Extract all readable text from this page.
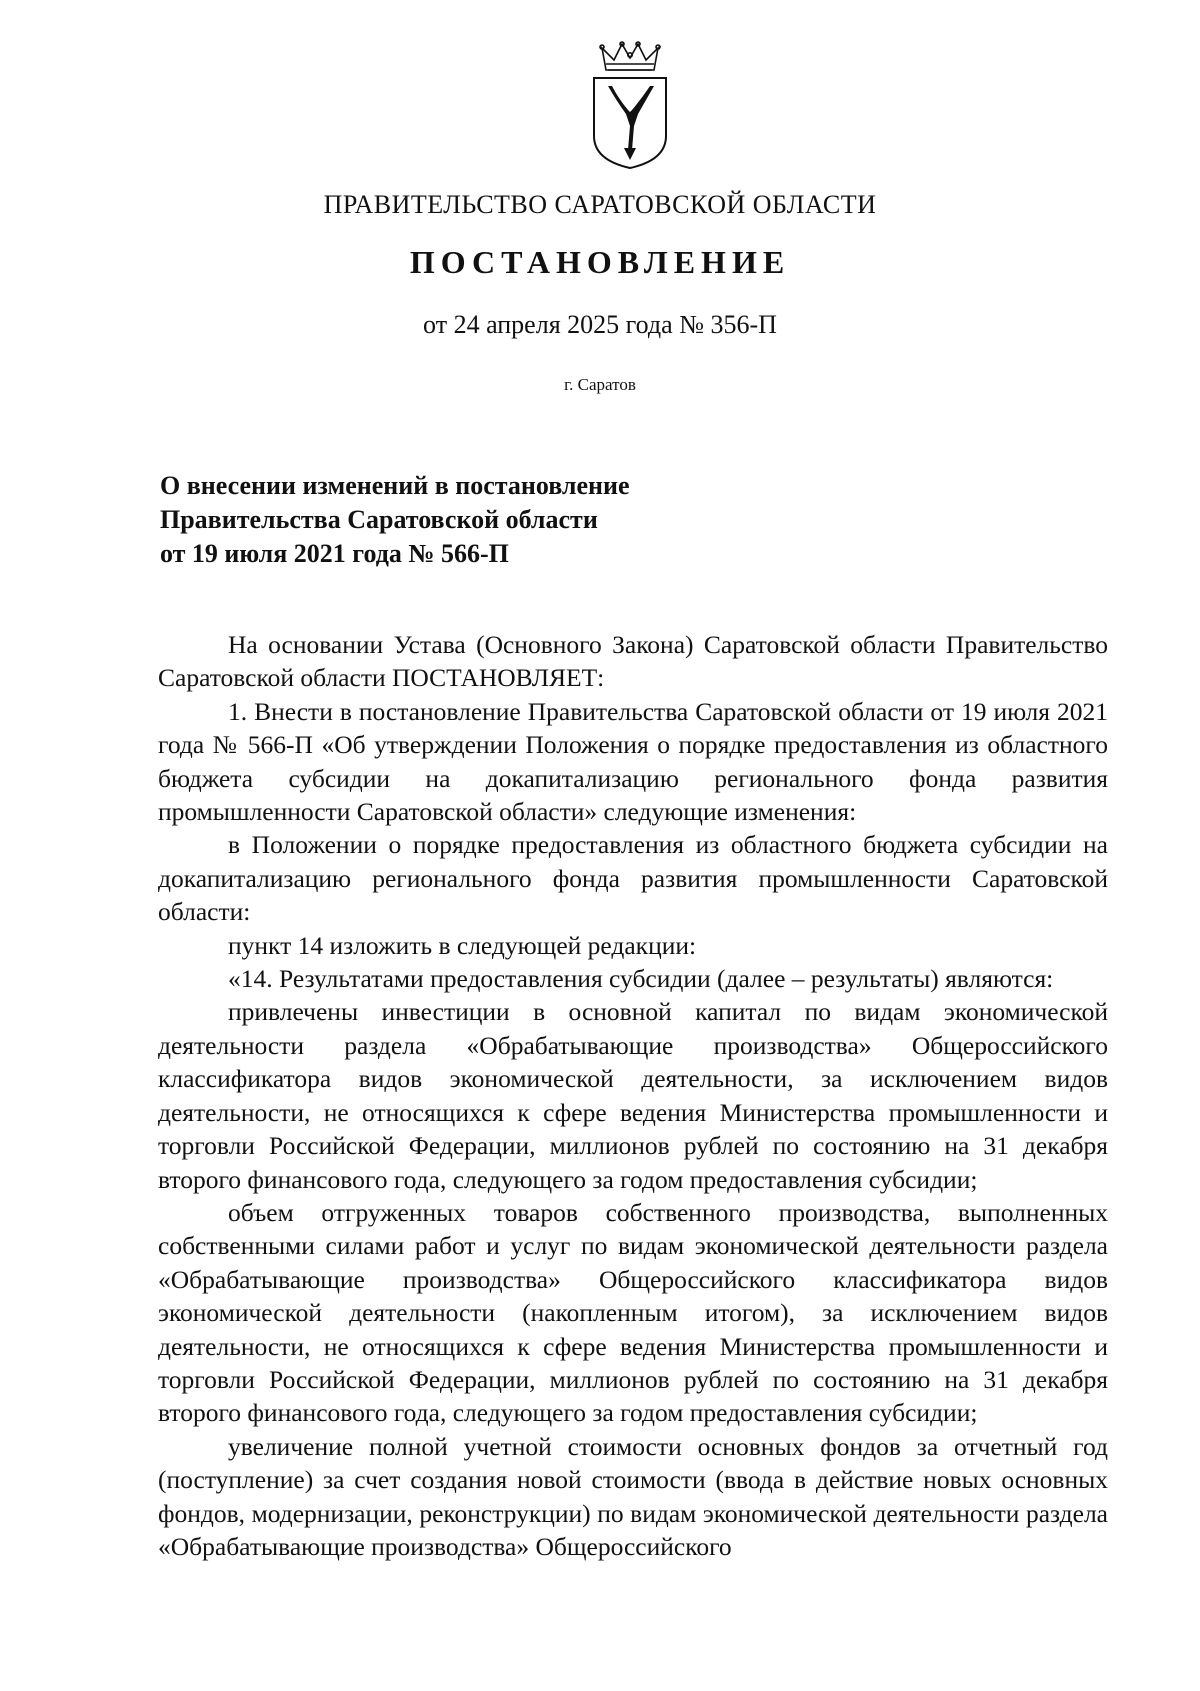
ПРАВИТЕЛЬСТВО САРАТОВСКОЙ ОБЛАСТИ
ПОСТАНОВЛЕНИЕ
от 24 апреля 2025 года № 356-П
г. Саратов
О внесении изменений в постановление
Правительства Саратовской области
от 19 июля 2021 года № 566-П

На основании Устава (Основного Закона) Саратовской области Правительство Саратовской области ПОСТАНОВЛЯЕТ:

1. Внести в постановление Правительства Саратовской области от 19 июля 2021 года № 566-П «Об утверждении Положения о порядке предоставления из областного бюджета субсидии на докапитализацию регионального фонда развития промышленности Саратовской области» следующие изменения:

в Положении о порядке предоставления из областного бюджета субсидии на докапитализацию регионального фонда развития промышленности Саратовской области:

пункт 14 изложить в следующей редакции:

«14. Результатами предоставления субсидии (далее – результаты) являются:

привлечены инвестиции в основной капитал по видам экономической деятельности раздела «Обрабатывающие производства» Общероссийского классификатора видов экономической деятельности, за исключением видов деятельности, не относящихся к сфере ведения Министерства промышленности и торговли Российской Федерации, миллионов рублей по состоянию на 31 декабря второго финансового года, следующего за годом предоставления субсидии;

объем отгруженных товаров собственного производства, выполненных собственными силами работ и услуг по видам экономической деятельности раздела «Обрабатывающие производства» Общероссийского классификатора видов экономической деятельности (накопленным итогом), за исключением видов деятельности, не относящихся к сфере ведения Министерства промышленности и торговли Российской Федерации, миллионов рублей по состоянию на 31 декабря второго финансового года, следующего за годом предоставления субсидии;

увеличение полной учетной стоимости основных фондов за отчетный год (поступление) за счет создания новой стоимости (ввода в действие новых основных фондов, модернизации, реконструкции) по видам экономической деятельности раздела «Обрабатывающие производства» Общероссийского
